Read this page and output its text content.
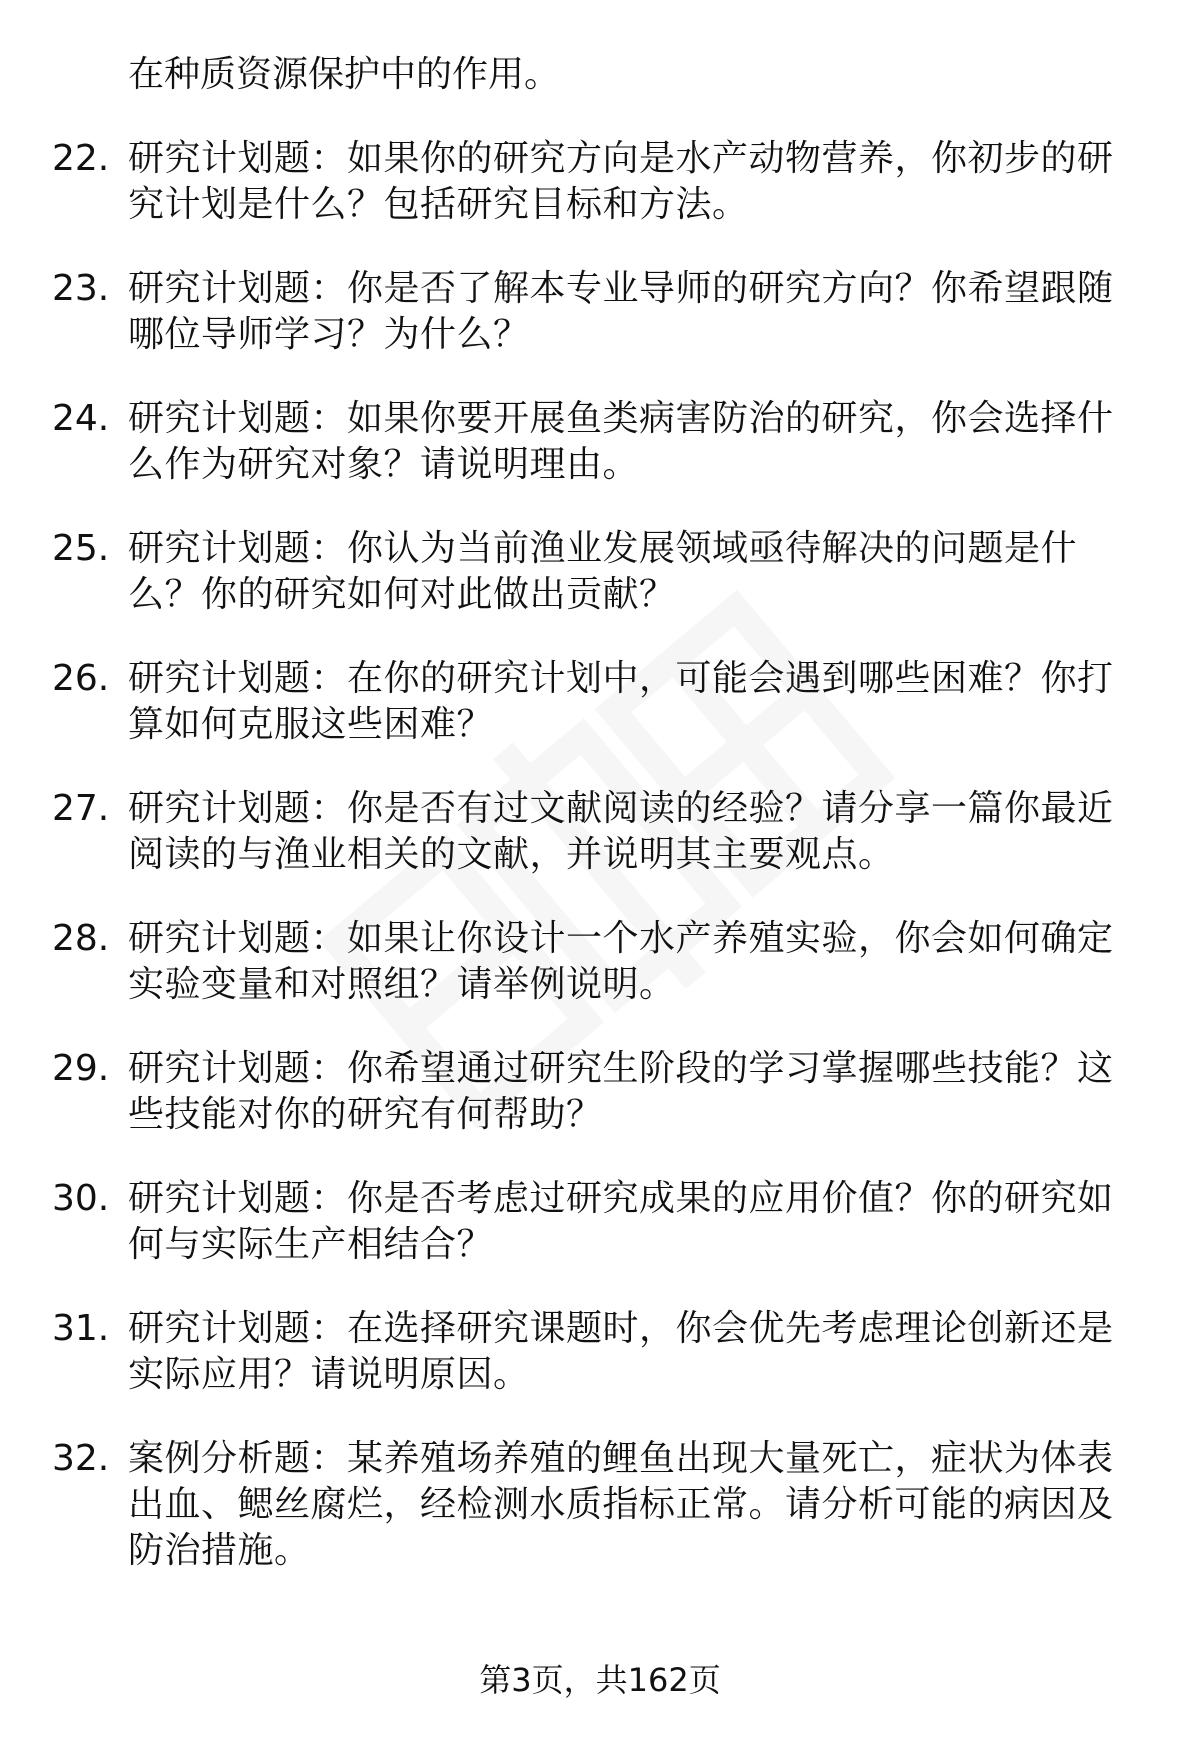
在种质资源保护中的作用。
22. 研究计划题：如果你的研究方向是水产动物营养，你初步的研究计划是什么？包括研究目标和方法。
23. 研究计划题：你是否了解本专业导师的研究方向？你希望跟随哪位导师学习？为什么？
24. 研究计划题：如果你要开展鱼类病害防治的研究，你会选择什么作为研究对象？请说明理由。
25. 研究计划题：你认为当前渔业发展领域亟待解决的问题是什么？你的研究如何对此做出贡献？
26. 研究计划题：在你的研究计划中，可能会遇到哪些困难？你打算如何克服这些困难？
27. 研究计划题：你是否有过文献阅读的经验？请分享一篇你最近阅读的与渔业相关的文献，并说明其主要观点。
28. 研究计划题：如果让你设计一个水产养殖实验，你会如何确定实验变量和对照组？请举例说明。
29. 研究计划题：你希望通过研究生阶段的学习掌握哪些技能？这些技能对你的研究有何帮助？
30. 研究计划题：你是否考虑过研究成果的应用价值？你的研究如何与实际生产相结合？
31. 研究计划题：在选择研究课题时，你会优先考虑理论创新还是实际应用？请说明原因。
32. 案例分析题：某养殖场养殖的鲤鱼出现大量死亡，症状为体表出血、鳃丝腐烂，经检测水质指标正常。请分析可能的病因及防治措施。
第3页，共162页
